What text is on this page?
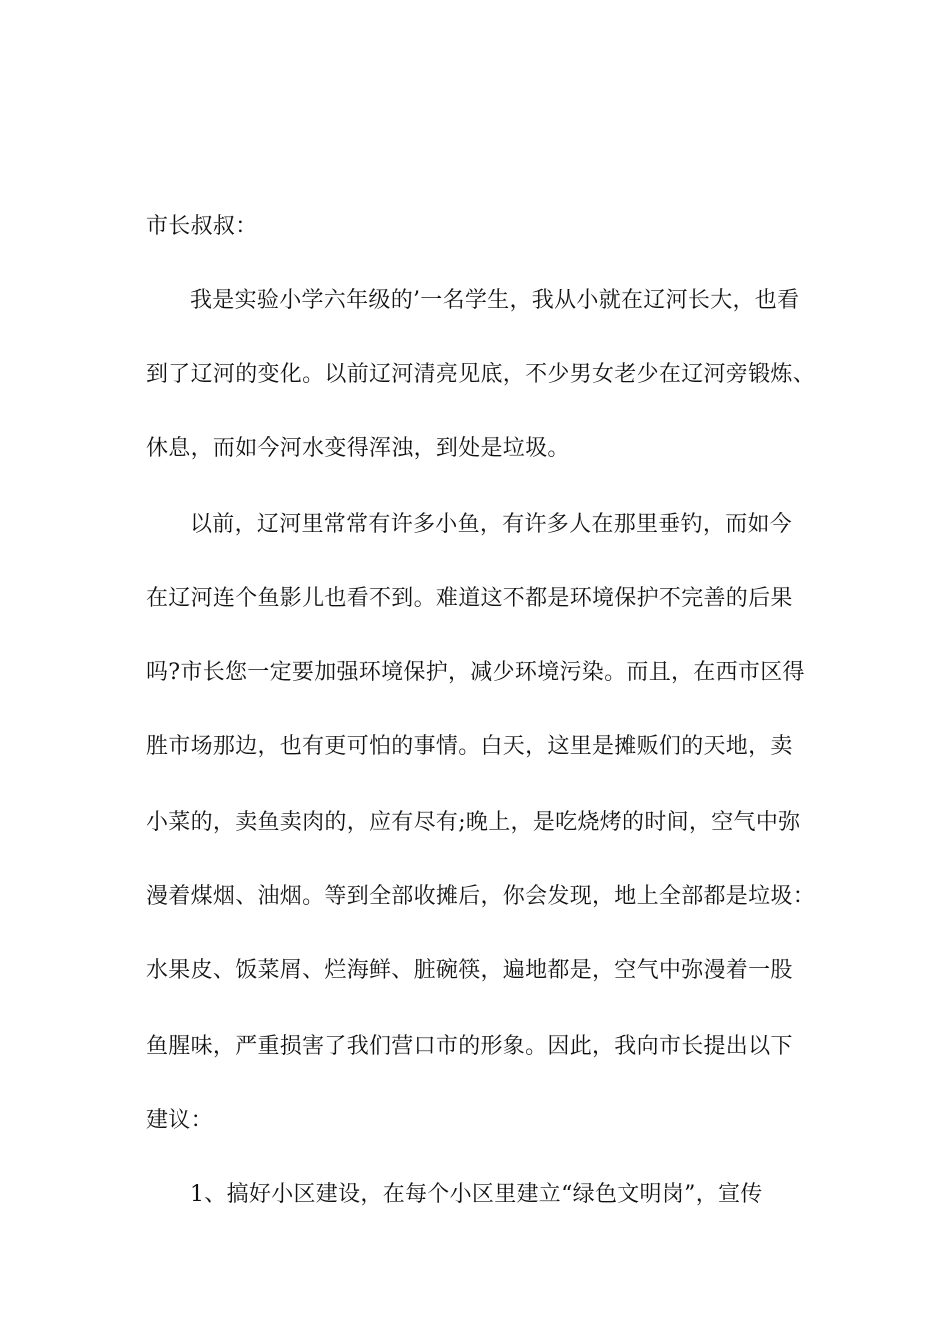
市长叔叔：

我是实验小学六年级的’一名学生，我从小就在辽河长大，也看

到了辽河的变化。以前辽河清亮见底，不少男女老少在辽河旁锻炼、

休息，而如今河水变得浑浊，到处是垃圾。

以前，辽河里常常有许多小鱼，有许多人在那里垂钓，而如今

在辽河连个鱼影儿也看不到。难道这不都是环境保护不完善的后果

吗?市长您一定要加强环境保护，减少环境污染。而且，在西市区得

胜市场那边，也有更可怕的事情。白天，这里是摊贩们的天地，卖

小菜的，卖鱼卖肉的，应有尽有;晚上，是吃烧烤的时间，空气中弥

漫着煤烟、油烟。等到全部收摊后，你会发现，地上全部都是垃圾：

水果皮、饭菜屑、烂海鲜、脏碗筷，遍地都是，空气中弥漫着一股

鱼腥味，严重损害了我们营口市的形象。因此，我向市长提出以下

建议：

1、搞好小区建设，在每个小区里建立“绿色文明岗”，宣传
